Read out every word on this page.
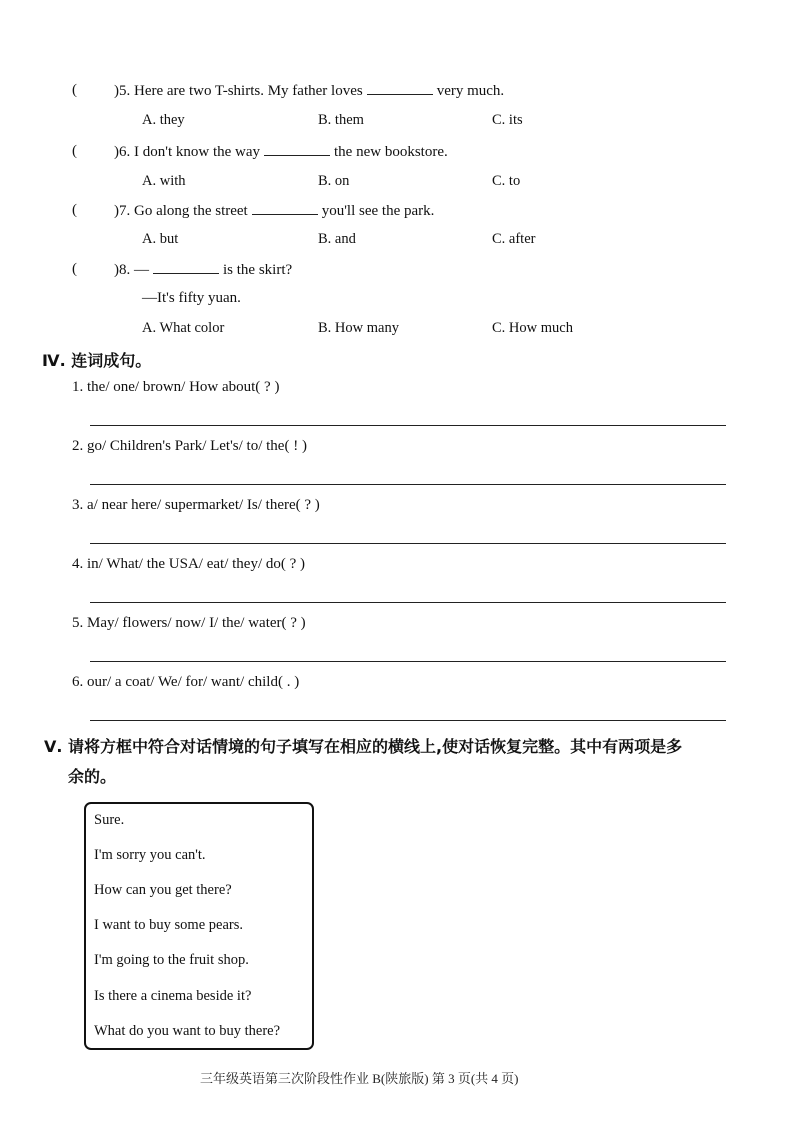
( )5. Here are two T-shirts. My father loves	very much.
A. they	B. them	C. its
( )6. I don't know the way	the new bookstore.
A. with	B. on	C. to
( )7. Go along the street	you'll see the park.
A. but	B. and	C. after
( )8. —	is the skirt?
—It's fifty yuan.
A. What color	B. How many	C. How much
Ⅳ. 连词成句。
1. the/ one/ brown/ How about( ? )
2. go/ Children's Park/ Let's/ to/ the( ! )
3. a/ near here/ supermarket/ Is/ there( ? )
4. in/ What/ the USA/ eat/ they/ do( ? )
5. May/ flowers/ now/ I/ the/ water( ? )
6. our/ a coat/ We/ for/ want/ child( . )
Ⅴ. 请将方框中符合对话情境的句子填写在相应的横线上,使对话恢复完整。其中有两项是多
余的。
Sure.
I'm sorry you can't.
How can you get there?
I want to buy some pears.
I'm going to the fruit shop.
Is there a cinema beside it?
What do you want to buy there?
三年级英语第三次阶段性作业 B(陕旅版) 第 3 页(共 4 页)
